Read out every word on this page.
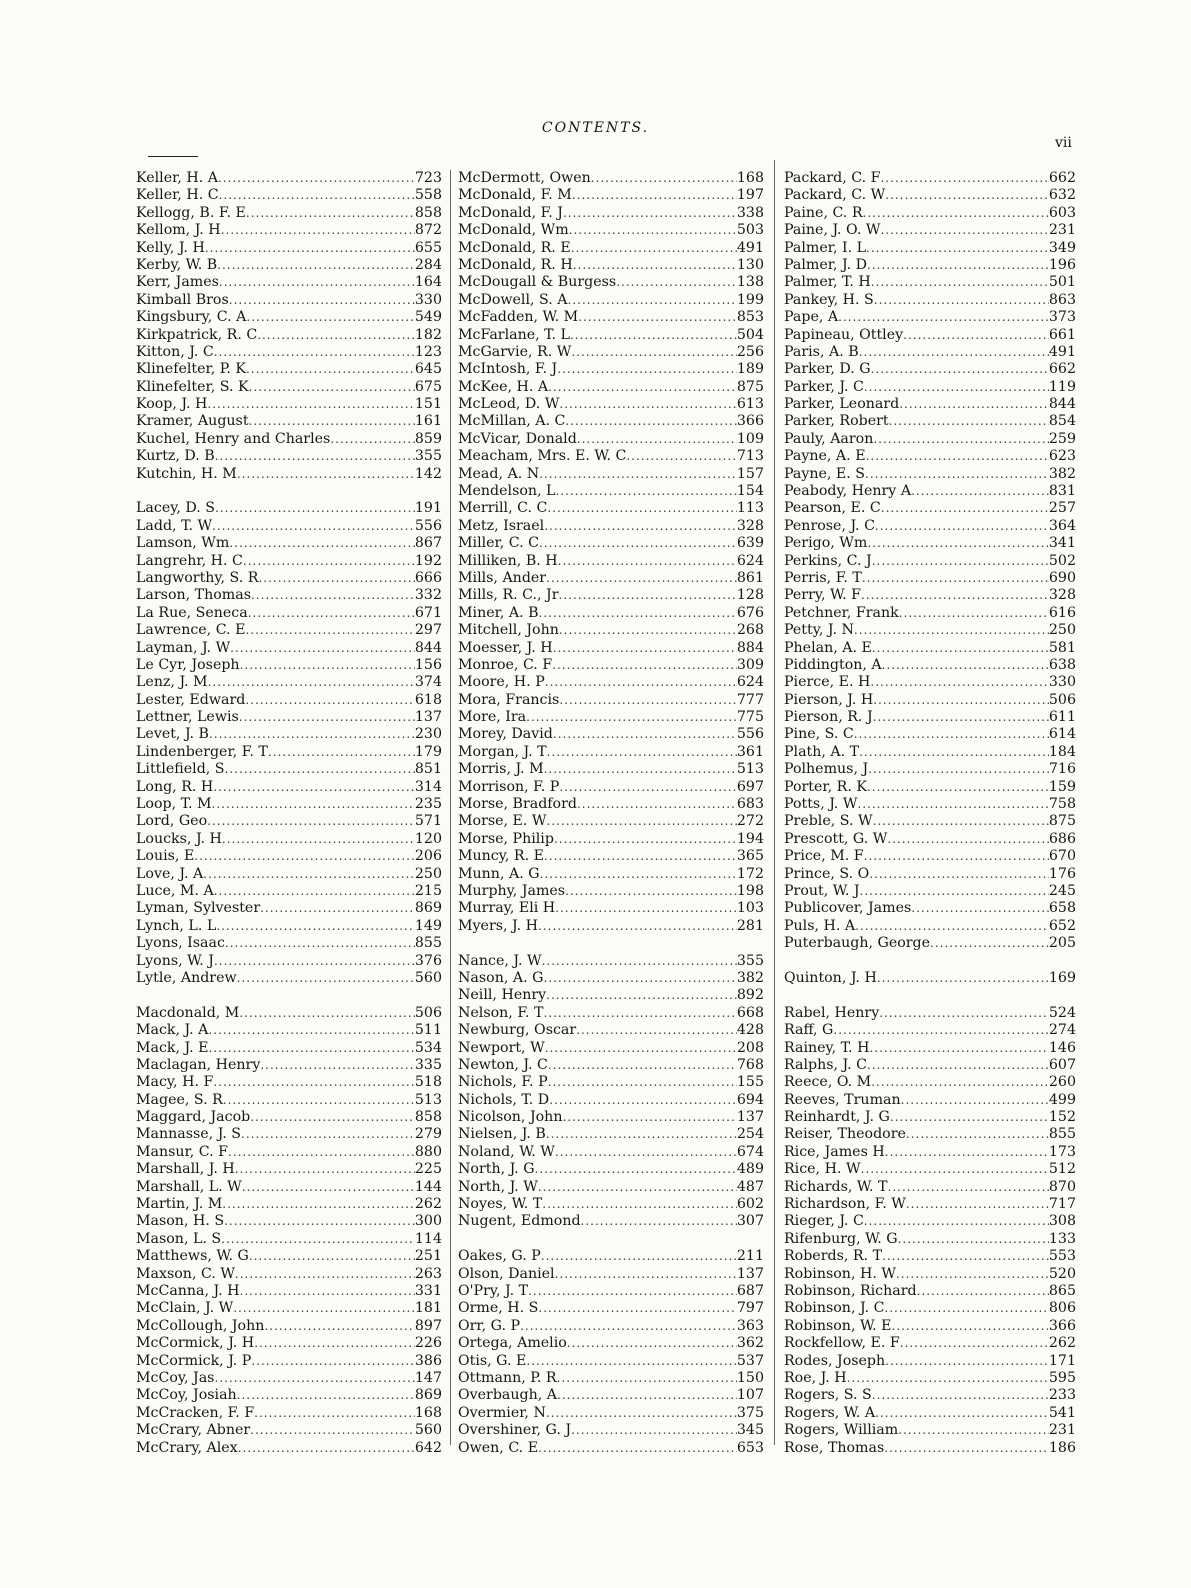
CONTENTS.
vii
Keller, H. A .....	723
Keller, H. C .....	558
Kellogg, B. F. E .....	858
Kellom, J. H .....	872
Kelly, J. H .....	655
Kerby, W. B .....	284
Kerr, James .....	164
Kimball Bros .....	330
Kingsbury, C. A .....	549
Kirkpatrick, R. C .....	182
Kitton, J. C .....	123
Klinefelter, P. K .....	645
Klinefelter, S. K .....	675
Koop, J. H .....	151
Kramer, August .....	161
Kuchel, Henry and Charles .....	859
Kurtz, D. B .....	355
Kutchin, H. M .....	142
Lacey, D. S .....	191
Ladd, T. W .....	556
Lamson, Wm .....	867
Langrehr, H. C .....	192
Langworthy, S. R .....	666
Larson, Thomas .....	332
La Rue, Seneca .....	671
Lawrence, C. E .....	297
Layman, J. W .....	844
Le Cyr, Joseph .....	156
Lenz, J. M .....	374
Lester, Edward .....	618
Lettner, Lewis .....	137
Levet, J. B .....	230
Lindenberger, F. T .....	179
Littlefield, S .....	851
Long, R. H .....	314
Loop, T. M .....	235
Lord, Geo .....	571
Loucks, J. H .....	120
Louis, E .....	206
Love, J. A .....	250
Luce, M. A .....	215
Lyman, Sylvester .....	869
Lynch, L. L .....	149
Lyons, Isaac .....	855
Lyons, W. J .....	376
Lytle, Andrew .....	560
Macdonald, M .....	506
Mack, J. A .....	511
Mack, J. E .....	534
Maclagan, Henry .....	335
Macy, H. F .....	518
Magee, S. R .....	513
Maggard, Jacob .....	858
Mannasse, J. S .....	279
Mansur, C. F .....	880
Marshall, J. H .....	225
Marshall, L. W .....	144
Martin, J. M .....	262
Mason, H. S .....	300
Mason, L. S .....	114
Matthews, W. G .....	251
Maxson, C. W .....	263
McCanna, J. H .....	331
McClain, J. W .....	181
McCollough, John .....	897
McCormick, J. H .....	226
McCormick, J. P .....	386
McCoy, Jas .....	147
McCoy, Josiah .....	869
McCracken, F. F .....	168
McCrary, Abner .....	560
McCrary, Alex .....	642
McDermott, Owen .....	168
McDonald, F. M .....	197
McDonald, F. J .....	338
McDonald, Wm .....	503
McDonald, R. E .....	491
McDonald, R. H .....	130
McDougall & Burgess .....	138
McDowell, S. A .....	199
McFadden, W. M .....	853
McFarlane, T. L .....	504
McGarvie, R. W .....	256
McIntosh, F. J .....	189
McKee, H. A .....	875
McLeod, D. W .....	613
McMillan, A. C .....	366
McVicar, Donald .....	109
Meacham, Mrs. E. W. C .....	713
Mead, A. N .....	157
Mendelson, L .....	154
Merrill, C. C .....	113
Metz, Israel .....	328
Miller, C. C .....	639
Milliken, B. H .....	624
Mills, Ander .....	861
Mills, R. C., Jr .....	128
Miner, A. B .....	676
Mitchell, John .....	268
Moesser, J. H .....	884
Monroe, C. F .....	309
Moore, H. P .....	624
Mora, Francis .....	777
More, Ira .....	775
Morey, David .....	556
Morgan, J. T .....	361
Morris, J. M .....	513
Morrison, F. P .....	697
Morse, Bradford .....	683
Morse, E. W .....	272
Morse, Philip .....	194
Muncy, R. E .....	365
Munn, A. G .....	172
Murphy, James .....	198
Murray, Eli H .....	103
Myers, J. H .....	281
Nance, J. W .....	355
Nason, A. G .....	382
Neill, Henry .....	892
Nelson, F. T .....	668
Newburg, Oscar .....	428
Newport, W .....	208
Newton, J. C .....	768
Nichols, F. P .....	155
Nichols, T. D .....	694
Nicolson, John .....	137
Nielsen, J. B .....	254
Noland, W. W .....	674
North, J. G .....	489
North, J. W .....	487
Noyes, W. T .....	602
Nugent, Edmond .....	307
Oakes, G. P .....	211
Olson, Daniel .....	137
O'Pry, J. T .....	687
Orme, H. S .....	797
Orr, G. P .....	363
Ortega, Amelio .....	362
Otis, G. E .....	537
Ottmann, P. R .....	150
Overbaugh, A .....	107
Overmier, N .....	375
Overshiner, G. J .....	345
Owen, C. E .....	653
Packard, C. F .....	662
Packard, C. W .....	632
Paine, C. R .....	603
Paine, J. O. W .....	231
Palmer, I. L .....	349
Palmer, J. D .....	196
Palmer, T. H .....	501
Pankey, H. S .....	863
Pape, A .....	373
Papineau, Ottley .....	661
Paris, A. B .....	491
Parker, D. G .....	662
Parker, J. C .....	119
Parker, Leonard .....	844
Parker, Robert .....	854
Pauly, Aaron .....	259
Payne, A. E .....	623
Payne, E. S .....	382
Peabody, Henry A .....	831
Pearson, E. C .....	257
Penrose, J. C .....	364
Perigo, Wm .....	341
Perkins, C. J .....	502
Perris, F. T .....	690
Perry, W. F .....	328
Petchner, Frank .....	616
Petty, J. N .....	250
Phelan, A. E .....	581
Piddington, A .....	638
Pierce, E. H .....	330
Pierson, J. H .....	506
Pierson, R. J .....	611
Pine, S. C .....	614
Plath, A. T .....	184
Polhemus, J .....	716
Porter, R. K .....	159
Potts, J. W .....	758
Preble, S. W .....	875
Prescott, G. W .....	686
Price, M. F .....	670
Prince, S. O .....	176
Prout, W. J .....	245
Publicover, James .....	658
Puls, H. A .....	652
Puterbaugh, George .....	205
Quinton, J. H .....	169
Rabel, Henry .....	524
Raff, G .....	274
Rainey, T. H .....	146
Ralphs, J. C .....	607
Reece, O. M .....	260
Reeves, Truman .....	499
Reinhardt, J. G .....	152
Reiser, Theodore .....	855
Rice, James H .....	173
Rice, H. W .....	512
Richards, W. T .....	870
Richardson, F. W .....	717
Rieger, J. C .....	308
Rifenburg, W. G .....	133
Roberds, R. T .....	553
Robinson, H. W .....	520
Robinson, Richard .....	865
Robinson, J. C .....	806
Robinson, W. E .....	366
Rockfellow, E. F .....	262
Rodes, Joseph .....	171
Roe, J. H .....	595
Rogers, S. S .....	233
Rogers, W. A .....	541
Rogers, William .....	231
Rose, Thomas .....	186
